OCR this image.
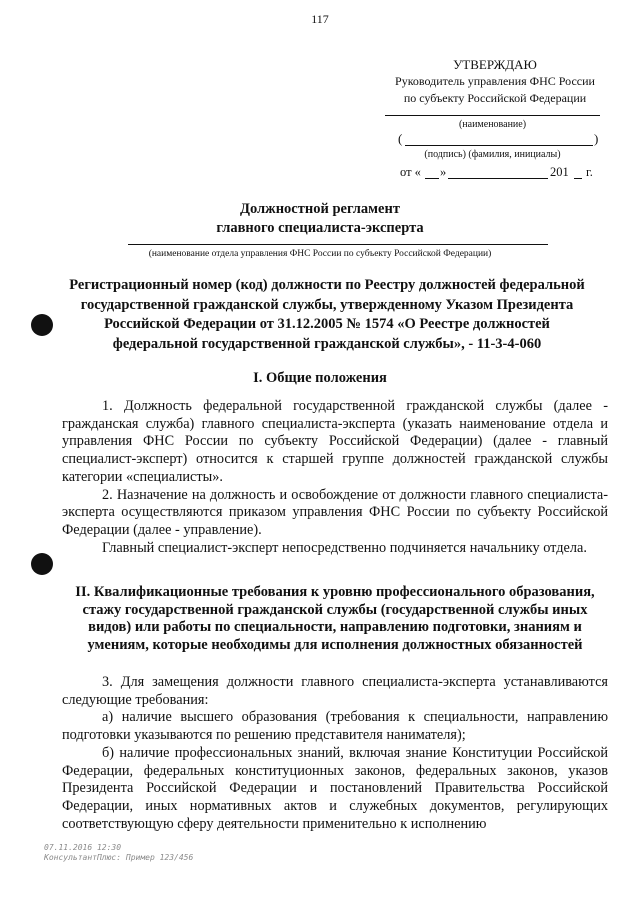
117
УТВЕРЖДАЮ
Руководитель управления ФНС России
по субъекту Российской Федерации
(наименование)
(	)
(подпись) (фамилия, инициалы)
от « »	201 г.
Должностной регламент
главного специалиста-эксперта
(наименование отдела управления ФНС России по субъекту Российской Федерации)
Регистрационный номер (код) должности по Реестру должностей федеральной государственной гражданской службы, утвержденному Указом Президента Российской Федерации от 31.12.2005 № 1574 «О Реестре должностей федеральной государственной гражданской службы», - 11-3-4-060
I. Общие положения

1. Должность федеральной государственной гражданской службы (далее - гражданская служба) главного специалиста-эксперта (указать наименование отдела и управления ФНС России по субъекту Российской Федерации) (далее - главный специалист-эксперт) относится к старшей группе должностей гражданской службы категории «специалисты».

2. Назначение на должность и освобождение от должности главного специалиста-эксперта осуществляются приказом управления ФНС России по субъекту Российской Федерации (далее - управление).

Главный специалист-эксперт непосредственно подчиняется начальнику отдела.

II. Квалификационные требования к уровню профессионального образования, стажу государственной гражданской службы (государственной службы иных видов) или работы по специальности, направлению подготовки, знаниям и умениям, которые необходимы для исполнения должностных обязанностей

3. Для замещения должности главного специалиста-эксперта устанавливаются следующие требования:

а) наличие высшего образования (требования к специальности, направлению подготовки указываются по решению представителя нанимателя);

б) наличие профессиональных знаний, включая знание Конституции Российской Федерации, федеральных конституционных законов, федеральных законов, указов Президента Российской Федерации и постановлений Правительства Российской Федерации, иных нормативных актов и служебных документов, регулирующих соответствующую сферу деятельности применительно к исполнению

07.11.2016 12:30
КонсультантПлюс: Пример 123/456
